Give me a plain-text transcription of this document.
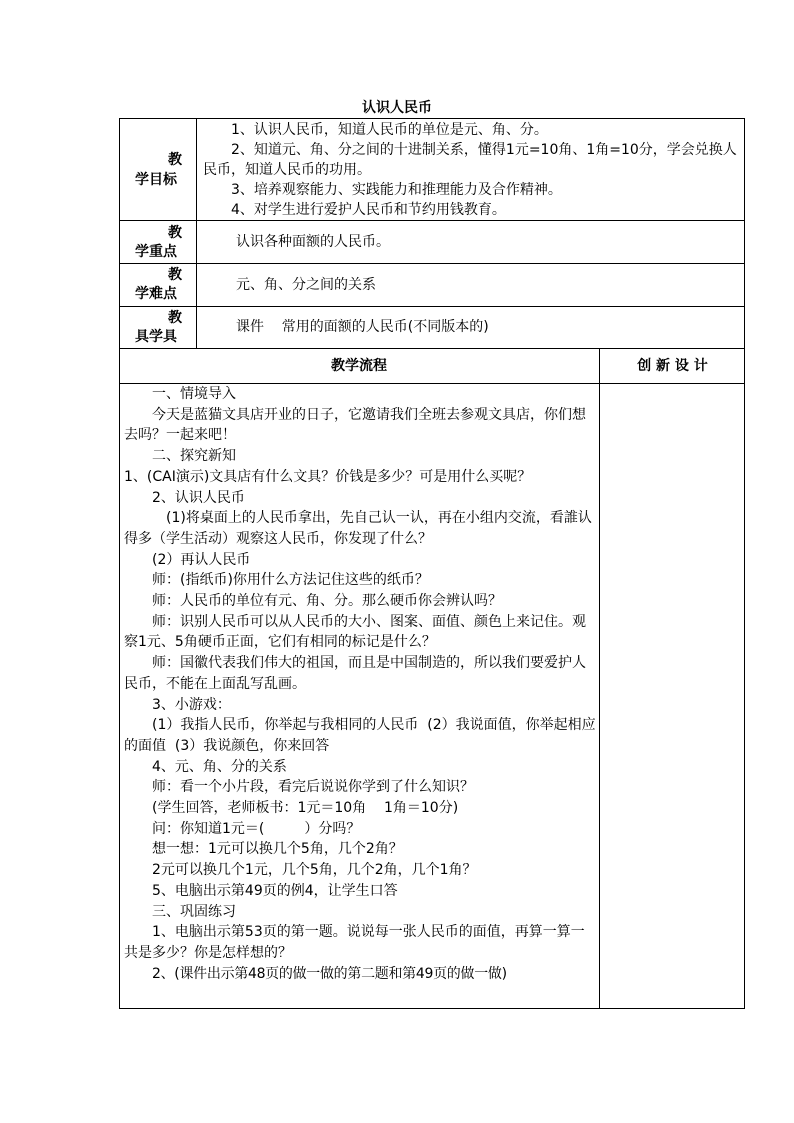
认识人民币
教
学目标

1、认识人民币，知道人民币的单位是元、角、分。

2、知道元、角、分之间的十进制关系，懂得1元=10角、1角=10分，学会兑换人民币，知道人民币的功用。

3、培养观察能力、实践能力和推理能力及合作精神。

4、对学生进行爱护人民币和节约用钱教育。

教
学重点
认识各种面额的人民币。
教
学难点
元、角、分之间的关系
教
具学具
课件    常用的面额的人民币(不同版本的)
教学流程	创 新 设 计

一、情境导入

今天是蓝猫文具店开业的日子，它邀请我们全班去参观文具店，你们想去吗？一起来吧！

二、探究新知

1、(CAI演示)文具店有什么文具？价钱是多少？可是用什么买呢？

2、认识人民币

(1)将桌面上的人民币拿出，先自己认一认，再在小组内交流，看誰认得多（学生活动）观察这人民币，你发现了什么？

(2）再认人民币

师：(指纸币)你用什么方法记住这些的纸币？

师：人民币的单位有元、角、分。那么硬币你会辨认吗？

师：识别人民币可以从人民币的大小、图案、面值、颜色上来记住。观察1元、5角硬币正面，它们有相同的标记是什么？

师：国徽代表我们伟大的祖国，而且是中国制造的，所以我们要爱护人民币，不能在上面乱写乱画。

3、小游戏：

(1）我指人民币，你举起与我相同的人民币  (2）我说面值，你举起相应的面值  (3）我说颜色，你来回答

4、元、角、分的关系

师：看一个小片段，看完后说说你学到了什么知识？

(学生回答，老师板书：1元＝10角    1角＝10分)

问：你知道1元＝(         ）分吗？

想一想：1元可以换几个5角，几个2角？

2元可以换几个1元，几个5角，几个2角，几个1角？

5、电脑出示第49页的例4，让学生口答

三、巩固练习

1、电脑出示第53页的第一题。说说每一张人民币的面值，再算一算一共是多少？你是怎样想的？

2、(课件出示第48页的做一做的第二题和第49页的做一做)
